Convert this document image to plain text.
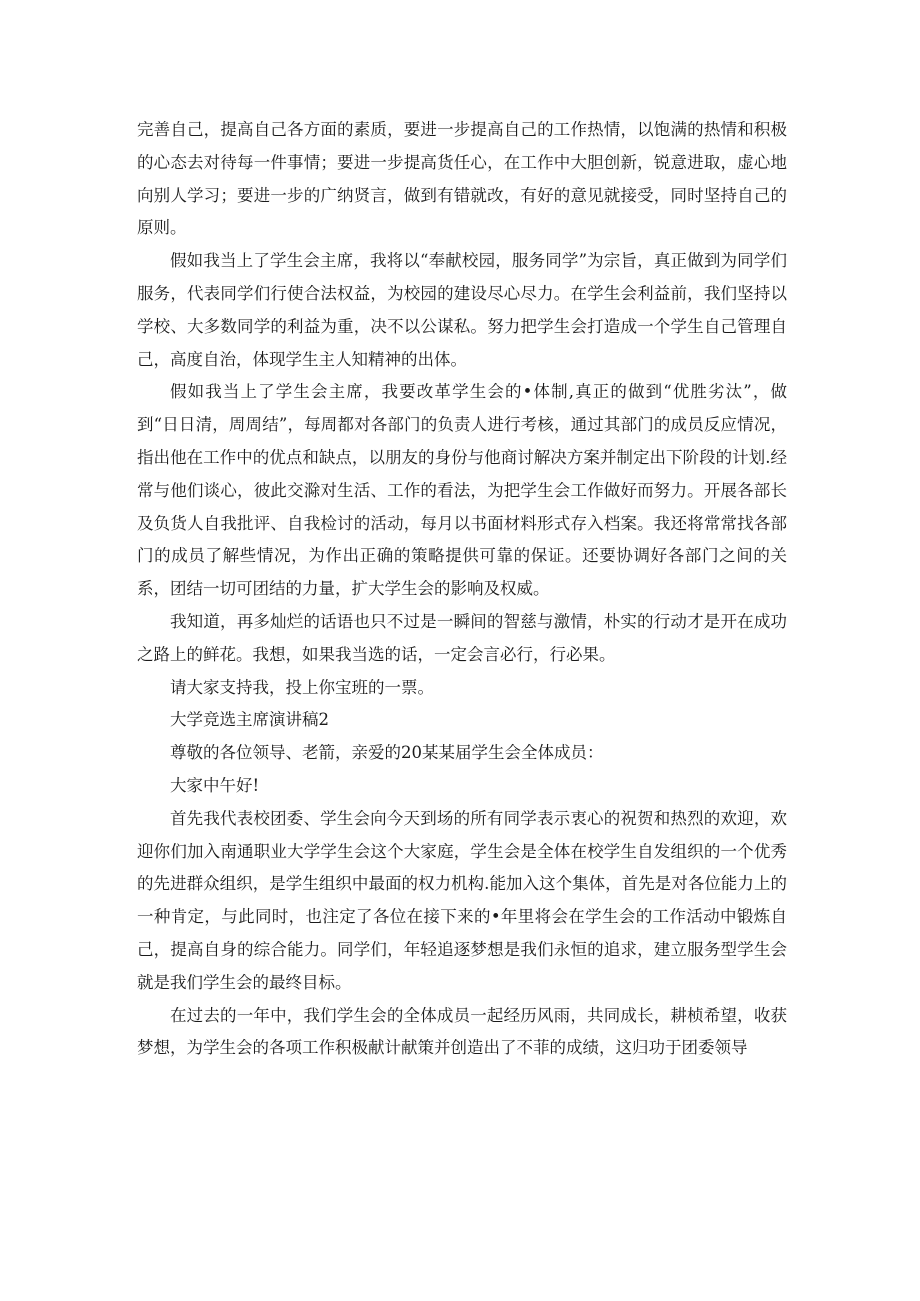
完善自己，提高自己各方面的素质，要进一步提高自己的工作热情，以饱满的热情和积极的心态去对待每一件事情；要进一步提高货任心，在工作中大胆创新，锐意进取，虚心地向别人学习；要进一步的广纳贤言，做到有错就改，有好的意见就接受，同时坚持自己的原则。

假如我当上了学生会主席，我将以“奉献校园，服务同学”为宗旨，真正做到为同学们服务，代表同学们行使合法权益，为校园的建设尽心尽力。在学生会利益前，我们坚持以学校、大多数同学的利益为重，决不以公谋私。努力把学生会打造成一个学生自己管理自己，高度自治，体现学生主人知精神的出体。

假如我当上了学生会主席，我要改革学生会的•体制,真正的做到“优胜劣汰”，做到“日日清，周周结”，每周都对各部门的负责人进行考核，通过其部门的成员反应情况，指出他在工作中的优点和缺点，以朋友的身份与他商讨解决方案并制定出下阶段的计划.经常与他们谈心，彼此交滁对生活、工作的看法，为把学生会工作做好而努力。开展各部长及负货人自我批评、自我检讨的活动，每月以书面材料形式存入档案。我还将常常找各部门的成员了解些情况，为作出正确的策略提供可靠的保证。还要协调好各部门之间的关系，团结一切可团结的力量，扩大学生会的影响及权威。

我知道，再多灿烂的话语也只不过是一瞬间的智慈与激情，朴实的行动才是开在成功之路上的鲜花。我想，如果我当选的话，一定会言必行，行必果。

请大家支持我，投上你宝班的一票。

大学竞选主席演讲稿2

尊敬的各位领导、老箭，亲爱的20某某届学生会全体成员：

大家中午好!

首先我代表校团委、学生会向今天到场的所有同学表示衷心的祝贺和热烈的欢迎，欢迎你们加入南通职业大学学生会这个大家庭，学生会是全体在校学生自发组织的一个优秀的先进群众组织，是学生组织中最面的权力机构.能加入这个集体，首先是对各位能力上的一种肯定，与此同时，也注定了各位在接下来的•年里将会在学生会的工作活动中锻炼自己，提高自身的综合能力。同学们，年轻追逐梦想是我们永恒的追求，建立服务型学生会就是我们学生会的最终目标。

在过去的一年中，我们学生会的全体成员一起经历风雨，共同成长，耕桢希望，收获梦想，为学生会的各项工作积极献计献策并创造出了不菲的成绩，这归功于团委领导
